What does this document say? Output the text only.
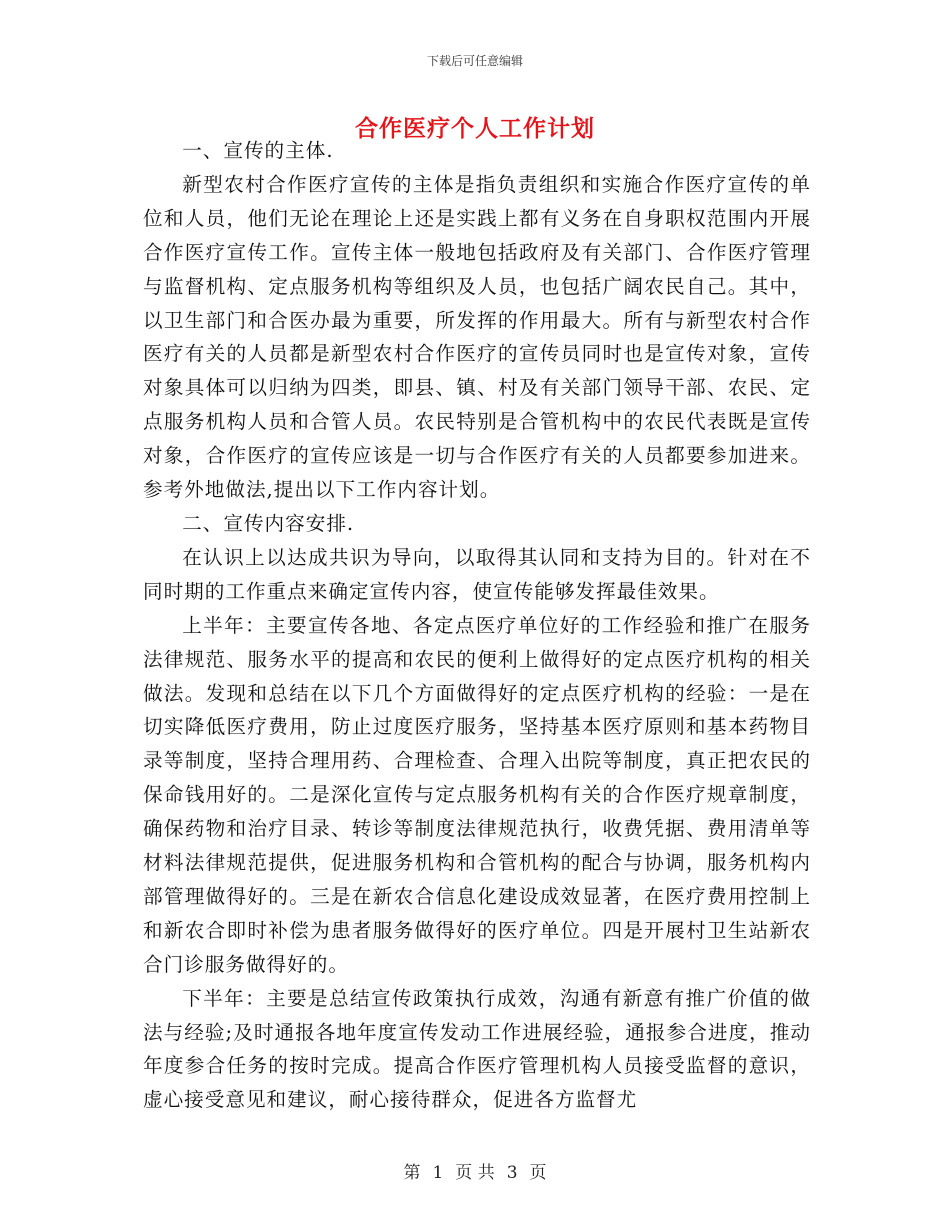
下载后可任意编辑
合作医疗个人工作计划

一、宣传的主体.

新型农村合作医疗宣传的主体是指负责组织和实施合作医疗宣传的单位和人员，他们无论在理论上还是实践上都有义务在自身职权范围内开展合作医疗宣传工作。宣传主体一般地包括政府及有关部门、合作医疗管理与监督机构、定点服务机构等组织及人员，也包括广阔农民自己。其中，以卫生部门和合医办最为重要，所发挥的作用最大。所有与新型农村合作医疗有关的人员都是新型农村合作医疗的宣传员同时也是宣传对象，宣传对象具体可以归纳为四类，即县、镇、村及有关部门领导干部、农民、定点服务机构人员和合管人员。农民特别是合管机构中的农民代表既是宣传对象，合作医疗的宣传应该是一切与合作医疗有关的人员都要参加进来。参考外地做法,提出以下工作内容计划。

二、宣传内容安排.

在认识上以达成共识为导向，以取得其认同和支持为目的。针对在不同时期的工作重点来确定宣传内容，使宣传能够发挥最佳效果。

上半年：主要宣传各地、各定点医疗单位好的工作经验和推广在服务法律规范、服务水平的提高和农民的便利上做得好的定点医疗机构的相关做法。发现和总结在以下几个方面做得好的定点医疗机构的经验：一是在切实降低医疗费用，防止过度医疗服务，坚持基本医疗原则和基本药物目录等制度，坚持合理用药、合理检查、合理入出院等制度，真正把农民的保命钱用好的。二是深化宣传与定点服务机构有关的合作医疗规章制度，确保药物和治疗目录、转诊等制度法律规范执行，收费凭据、费用清单等材料法律规范提供，促进服务机构和合管机构的配合与协调，服务机构内部管理做得好的。三是在新农合信息化建设成效显著，在医疗费用控制上和新农合即时补偿为患者服务做得好的医疗单位。四是开展村卫生站新农合门诊服务做得好的。

下半年：主要是总结宣传政策执行成效，沟通有新意有推广价值的做法与经验;及时通报各地年度宣传发动工作进展经验，通报参合进度，推动年度参合任务的按时完成。提高合作医疗管理机构人员接受监督的意识，虚心接受意见和建议，耐心接待群众，促进各方监督尤

第 1 页 共 3 页
